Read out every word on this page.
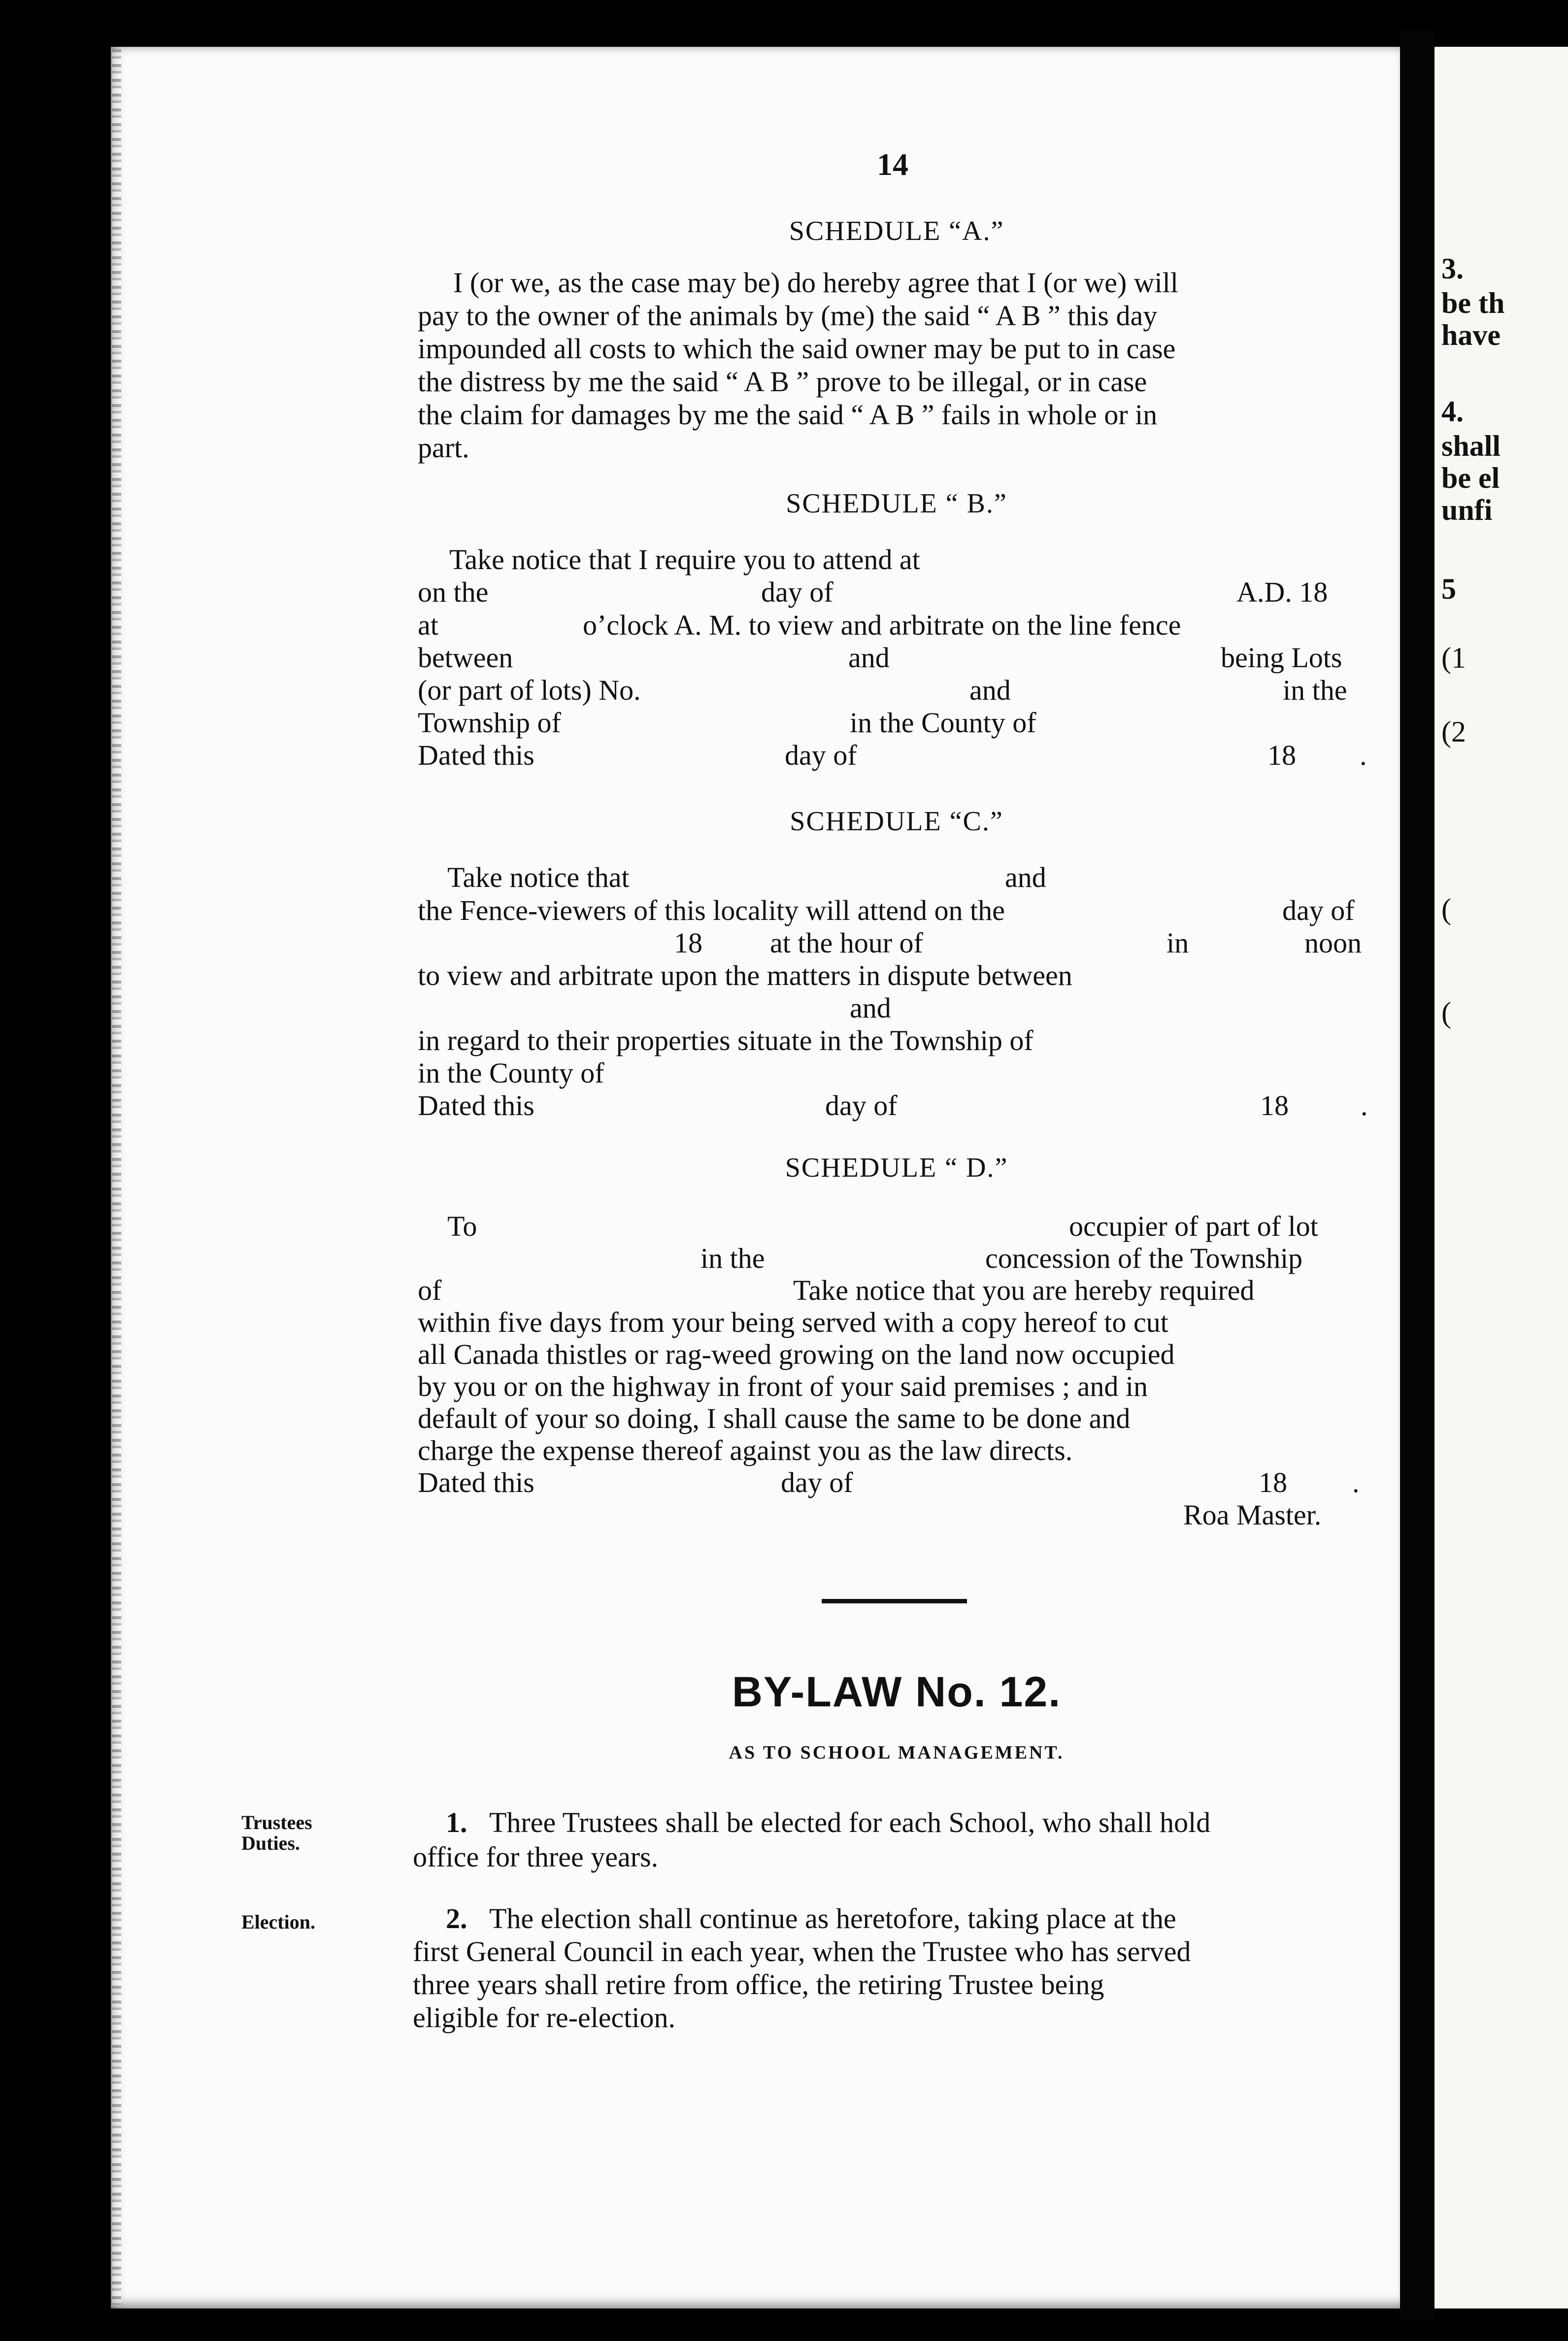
3.
be th
have
4.
shall
be el
unfi
5
(1
(2
(
(
14
SCHEDULE “A.”
I (or we, as the case may be) do hereby agree that I (or we) will
pay to the owner of the animals by (me) the said “ A B ” this day
impounded all costs to which the said owner may be put to in case
the distress by me the said “ A B ” prove to be illegal, or in case
the claim for damages by me the said “ A B ” fails in whole or in
part.
SCHEDULE “ B.”
Take notice that I require you to attend at
on the	day of	A.D. 18
at	o’clock A. M. to view and arbitrate on the line fence
between	and	being Lots
(or part of lots) No.	and	in the
Township of	in the County of
Dated this	day of	18 .
SCHEDULE “C.”
Take notice that	and
the Fence-viewers of this locality will attend on the	day of
18 at the hour of	in	noon
to view and arbitrate upon the matters in dispute between
and
in regard to their properties situate in the Township of
in the County of
Dated this	day of	18	.
SCHEDULE “ D.”
To	occupier of part of lot
in the	concession of the Township
of	Take notice that you are hereby required
within five days from your being served with a copy hereof to cut
all Canada thistles or rag-weed growing on the land now occupied
by you or on the highway in front of your said premises ; and in
default of your so doing, I shall cause the same to be done and
charge the expense thereof against you as the law directs.
Dated this	day of	18 .
Roa Master.
BY-LAW No. 12.
AS TO SCHOOL MANAGEMENT.
Trustees
Duties.
1. Three Trustees shall be elected for each School, who shall hold
office for three years.
Election.	2. The election shall continue as heretofore, taking place at the
first General Council in each year, when the Trustee who has served
three years shall retire from office, the retiring Trustee being
eligible for re-election.
